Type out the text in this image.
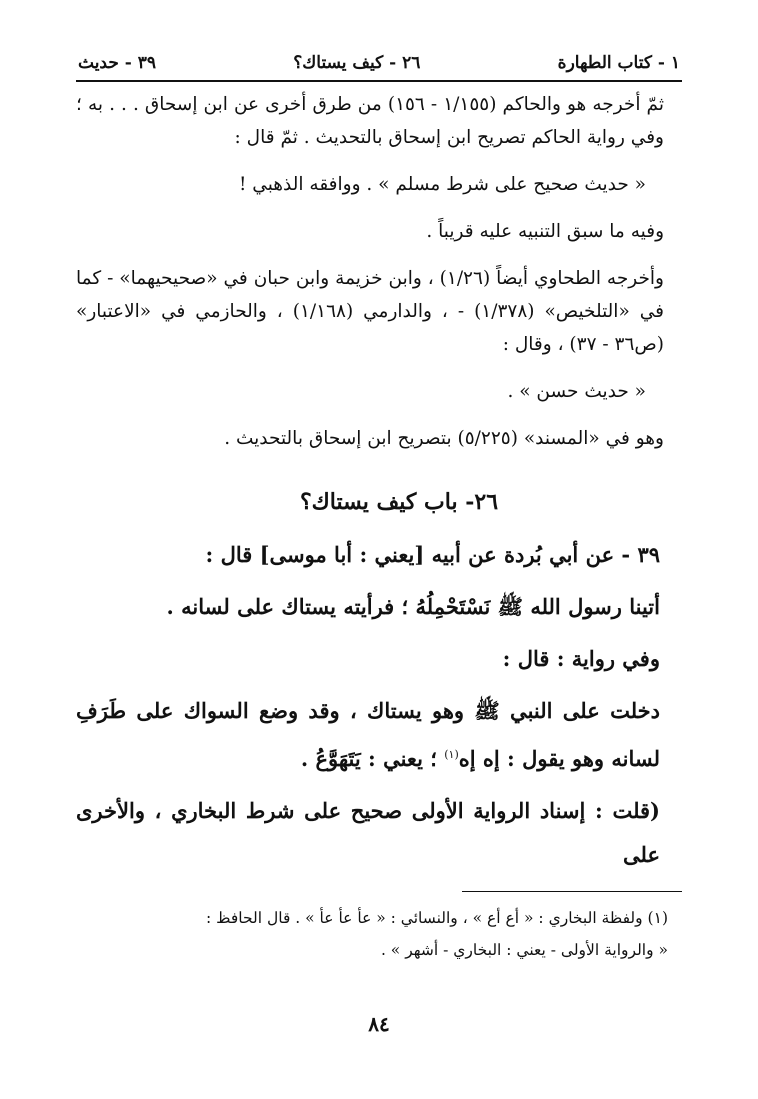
١ - كتاب الطهارة
٢٦ - كيف يستاك؟
٣٩ - حديث

ثمّ أخرجه هو والحاكم (١/١٥٥ - ١٥٦) من طرق أخرى عن ابن إسحاق . . . به ؛ وفي رواية الحاكم تصريح ابن إسحاق بالتحديث . ثمّ قال :

« حديث صحيح على شرط مسلم » . ووافقه الذهبي !

وفيه ما سبق التنبيه عليه قريباً .

وأخرجه الطحاوي أيضاً (١/٢٦) ، وابن خزيمة وابن حبان في «صحيحيهما» - كما في «التلخيص» (١/٣٧٨) - ، والدارمي (١/١٦٨) ، والحازمي في «الاعتبار» (ص٣٦ - ٣٧) ، وقال :

« حديث حسن » .

وهو في «المسند» (٥/٢٢٥) بتصريح ابن إسحاق بالتحديث .

٢٦- باب كيف يستاك؟

٣٩ - عن أبي بُردة عن أبيه [يعني : أبا موسى] قال :

أتينا رسول الله ﷺ نَسْتَحْمِلُهُ ؛ فرأيته يستاك على لسانه .

وفي رواية : قال :

دخلت على النبي ﷺ وهو يستاك ، وقد وضع السواك على طَرَفِ لسانه وهو يقول : إه إه$^{(١)}$ ؛ يعني : يَتَهَوَّعُ .

(قلت : إسناد الرواية الأولى صحيح على شرط البخاري ، والأخرى على

(١) ولفظة البخاري : « أع أع » ، والنسائي : « عأ عأ عأ » . قال الحافظ :

« والرواية الأولى - يعني : البخاري - أشهر » .

٨٤
